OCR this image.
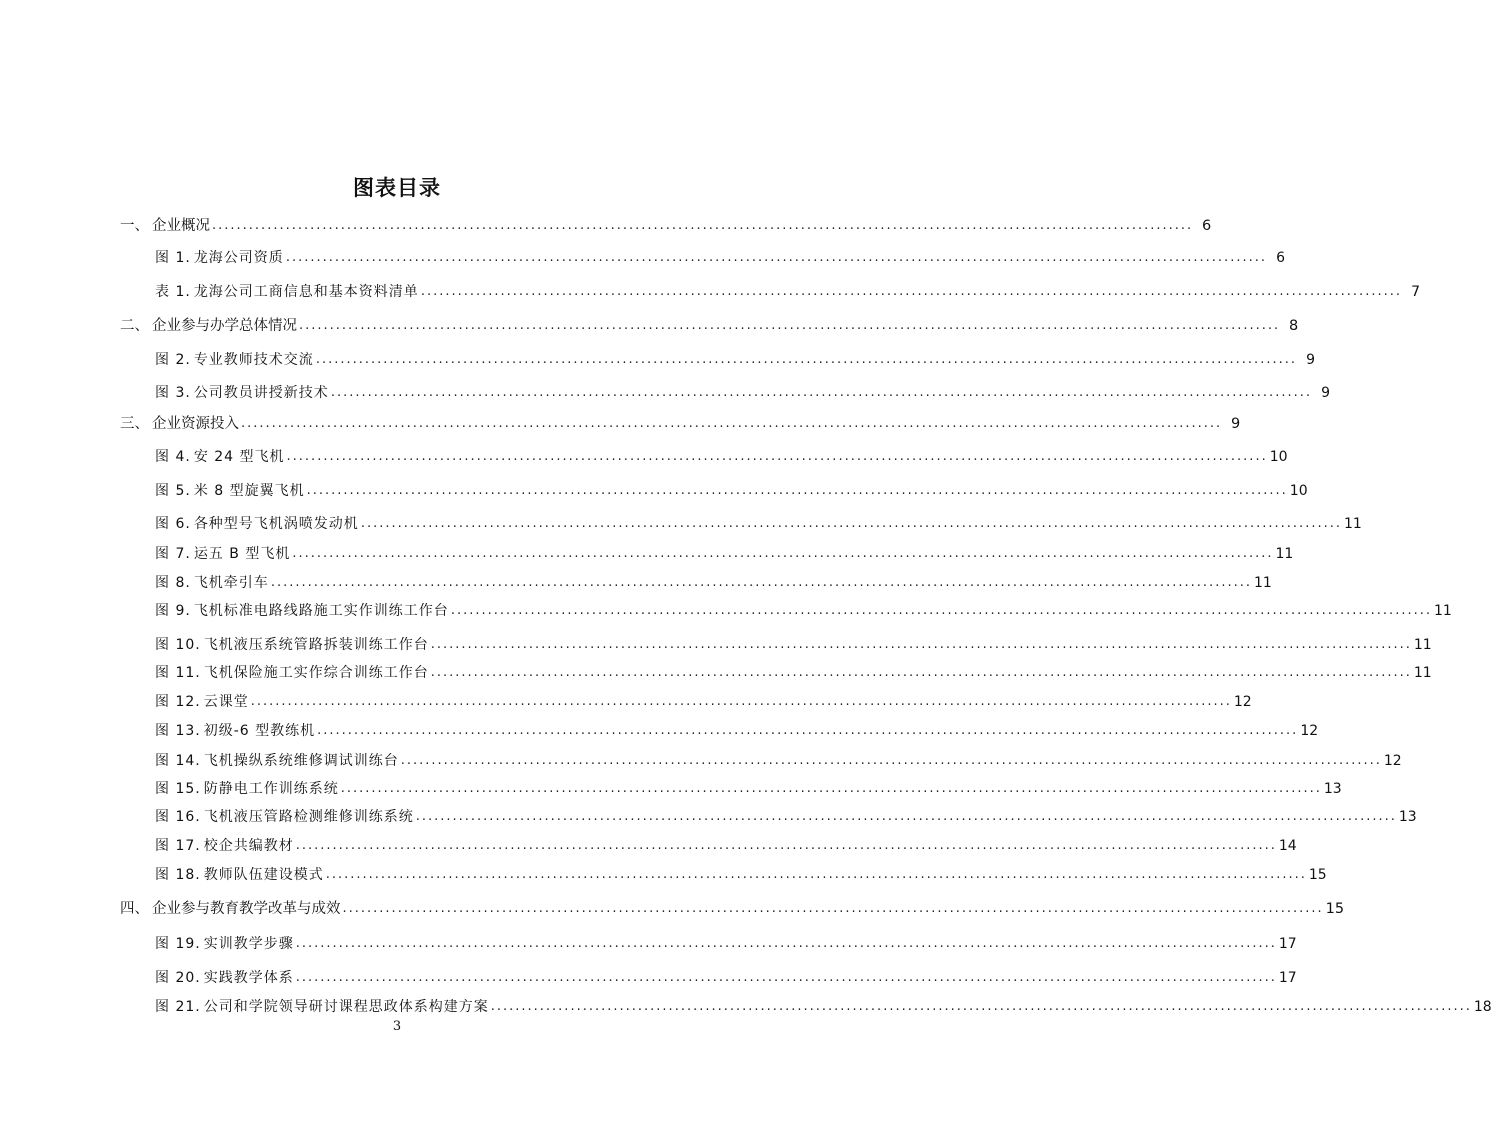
图表目录
一、 企业概况 ................................................................................................................................................................ 6
图 1. 龙海公司资质 ................................................................................................................................................................ 6
表 1. 龙海公司工商信息和基本资料清单 ................................................................................................................................................................ 7
二、 企业参与办学总体情况 ................................................................................................................................................................ 8
图 2. 专业教师技术交流 ................................................................................................................................................................ 9
图 3. 公司教员讲授新技术 ................................................................................................................................................................ 9
三、 企业资源投入 ................................................................................................................................................................ 9
图 4. 安 24 型飞机 ................................................................................................................................................................ 10
图 5. 米 8 型旋翼飞机 ................................................................................................................................................................ 10
图 6. 各种型号飞机涡喷发动机 ................................................................................................................................................................ 11
图 7. 运五 B 型飞机 ................................................................................................................................................................ 11
图 8. 飞机牵引车 ................................................................................................................................................................ 11
图 9. 飞机标准电路线路施工实作训练工作台 ................................................................................................................................................................ 11
图 10. 飞机液压系统管路拆装训练工作台 ................................................................................................................................................................ 11
图 11. 飞机保险施工实作综合训练工作台 ................................................................................................................................................................ 11
图 12. 云课堂 ................................................................................................................................................................ 12
图 13. 初级-6 型教练机 ................................................................................................................................................................ 12
图 14. 飞机操纵系统维修调试训练台 ................................................................................................................................................................ 12
图 15. 防静电工作训练系统 ................................................................................................................................................................ 13
图 16. 飞机液压管路检测维修训练系统 ................................................................................................................................................................ 13
图 17. 校企共编教材 ................................................................................................................................................................ 14
图 18. 教师队伍建设模式 ................................................................................................................................................................ 15
四、 企业参与教育教学改革与成效 ................................................................................................................................................................ 15
图 19. 实训教学步骤 ................................................................................................................................................................ 17
图 20. 实践教学体系 ................................................................................................................................................................ 17
图 21. 公司和学院领导研讨课程思政体系构建方案 ................................................................................................................................................................ 18
3
